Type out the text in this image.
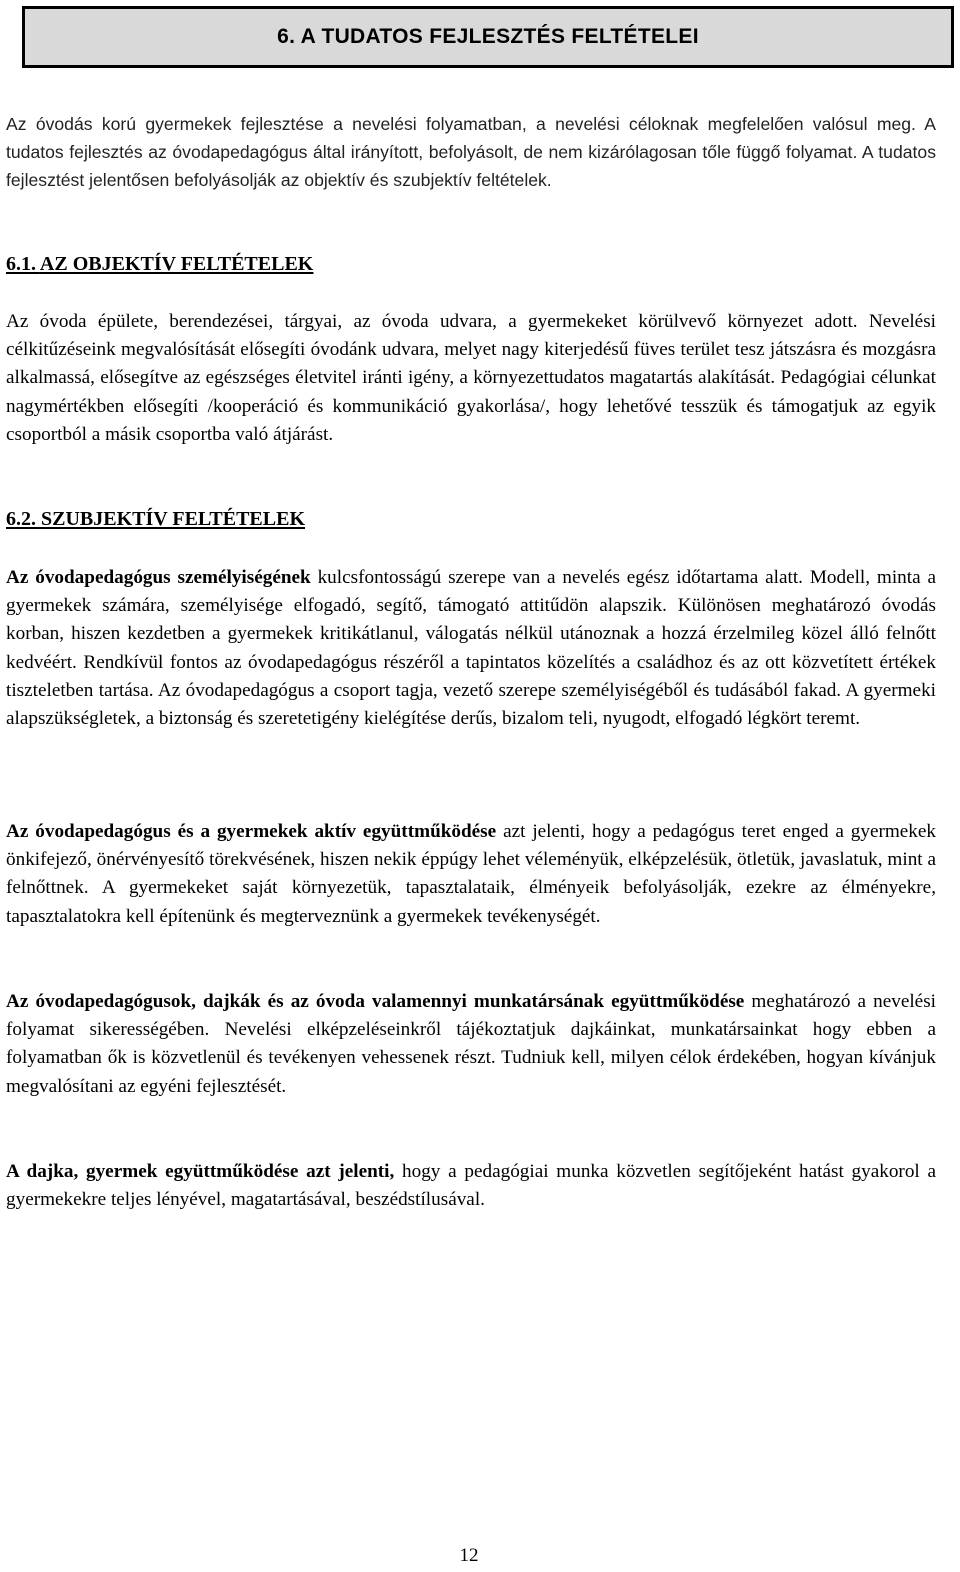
6. A TUDATOS FEJLESZTÉS FELTÉTELEI

Az óvodás korú gyermekek fejlesztése a nevelési folyamatban, a nevelési céloknak megfelelően valósul meg. A tudatos fejlesztés az óvodapedagógus által irányított, befolyásolt, de nem kizárólagosan tőle függő folyamat. A tudatos fejlesztést jelentősen befolyásolják az objektív és szubjektív feltételek.

6.1. AZ OBJEKTÍV FELTÉTELEK

Az óvoda épülete, berendezései, tárgyai, az óvoda udvara, a gyermekeket körülvevő környezet adott. Nevelési célkitűzéseink megvalósítását elősegíti óvodánk udvara, melyet nagy kiterjedésű füves terület tesz játszásra és mozgásra alkalmassá, elősegítve az egészséges életvitel iránti igény, a környezettudatos magatartás alakítását. Pedagógiai célunkat nagymértékben elősegíti /kooperáció és kommunikáció gyakorlása/, hogy lehetővé tesszük és támogatjuk az egyik csoportból a másik csoportba való átjárást.

6.2. SZUBJEKTÍV FELTÉTELEK

Az óvodapedagógus személyiségének kulcsfontosságú szerepe van a nevelés egész időtartama alatt. Modell, minta a gyermekek számára, személyisége elfogadó, segítő, támogató attitűdön alapszik. Különösen meghatározó óvodás korban, hiszen kezdetben a gyermekek kritikátlanul, válogatás nélkül utánoznak a hozzá érzelmileg közel álló felnőtt kedvéért. Rendkívül fontos az óvodapedagógus részéről a tapintatos közelítés a családhoz és az ott közvetített értékek tiszteletben tartása. Az óvodapedagógus a csoport tagja, vezető szerepe személyiségéből és tudásából fakad. A gyermeki alapszükségletek, a biztonság és szeretetigény kielégítése derűs, bizalom teli, nyugodt, elfogadó légkört teremt.

Az óvodapedagógus és a gyermekek aktív együttműködése azt jelenti, hogy a pedagógus teret enged a gyermekek önkifejező, önérvényesítő törekvésének, hiszen nekik éppúgy lehet véleményük, elképzelésük, ötletük, javaslatuk, mint a felnőttnek. A gyermekeket saját környezetük, tapasztalataik, élményeik befolyásolják, ezekre az élményekre, tapasztalatokra kell építenünk és megterveznünk a gyermekek tevékenységét.

Az óvodapedagógusok, dajkák és az óvoda valamennyi munkatársának együttműködése meghatározó a nevelési folyamat sikerességében. Nevelési elképzeléseinkről tájékoztatjuk dajkáinkat, munkatársainkat hogy ebben a folyamatban ők is közvetlenül és tevékenyen vehessenek részt. Tudniuk kell, milyen célok érdekében, hogyan kívánjuk megvalósítani az egyéni fejlesztését.

A dajka, gyermek együttműködése azt jelenti, hogy a pedagógiai munka közvetlen segítőjeként hatást gyakorol a gyermekekre teljes lényével, magatartásával, beszédstílusával.

12
